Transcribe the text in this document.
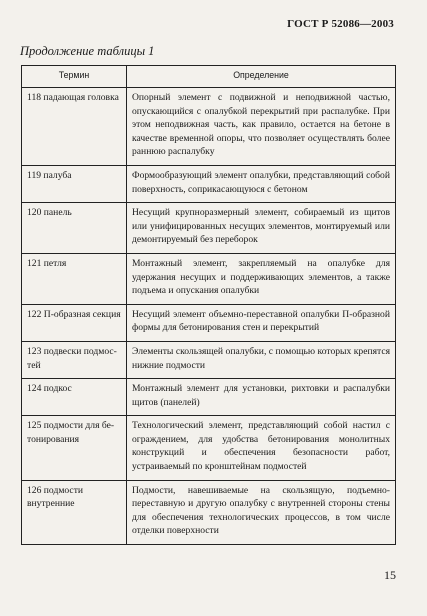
ГОСТ Р 52086—2003
Продолжение таблицы 1
Термин	Определение
118 падающая головка	Опорный элемент с подвижной и неподвижной частью, опускающийся с опалубкой перекрытий при распалубке. При этом неподвижная часть, как правило, остается на бетоне в качестве временной опоры, что позволяет осуществлять более раннюю распалубку
119 палуба	Формообразующий элемент опалубки, представляющий собой поверхность, соприкасающуюся с бетоном
120 панель	Несущий крупноразмерный элемент, собираемый из щитов или унифицированных несущих элементов, монтируемый или демонтируемый без переборок
121 петля	Монтажный элемент, закрепляемый на опалубке для удержания несущих и поддерживающих элементов, а также подъема и опускания опалубки
122 П-образная секция	Несущий элемент объемно-переставной опалубки П-образной формы для бетонирования стен и перекрытий
123 подвески подмостей	Элементы скользящей опалубки, с помощью которых крепятся нижние подмости
124 подкос	Монтажный элемент для установки, рихтовки и распалубки щитов (панелей)
125 подмости для бетонирования	Технологический элемент, представляющий собой настил с ограждением, для удобства бетонирования монолитных конструкций и обеспечения безопасности работ, устраиваемый по кронштейнам подмостей
126 подмости внутренние	Подмости, навешиваемые на скользящую, подъемно-переставную и другую опалубку с внутренней стороны стены для обеспечения технологических процессов, в том числе отделки поверхности
15
